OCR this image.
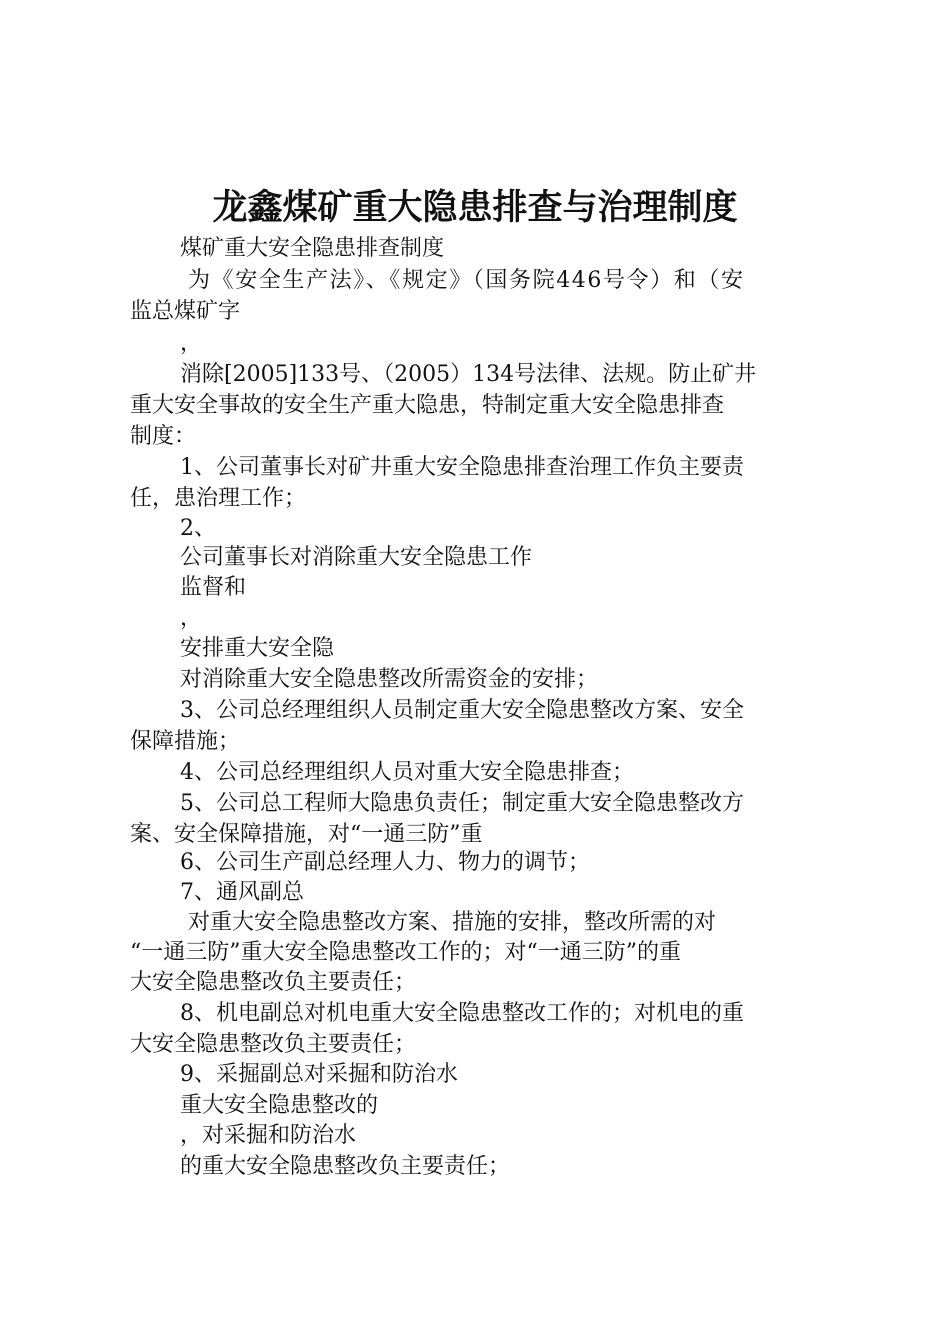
龙鑫煤矿重大隐患排查与治理制度
煤矿重大安全隐患排查制度
为《安全生产法》、《规定》（国务院446号令）和（安
监总煤矿字
，
消除[2005]133号、（2005）134号法律、法规。防止矿井
重大安全事故的安全生产重大隐患，特制定重大安全隐患排查
制度：
1、公司董事长对矿井重大安全隐患排查治理工作负主要责
任，患治理工作；
2、
公司董事长对消除重大安全隐患工作
监督和
，
安排重大安全隐
对消除重大安全隐患整改所需资金的安排；
3、公司总经理组织人员制定重大安全隐患整改方案、安全
保障措施；
4、公司总经理组织人员对重大安全隐患排查；
5、公司总工程师大隐患负责任；制定重大安全隐患整改方
案、安全保障措施，对“一通三防”重
6、公司生产副总经理人力、物力的调节；
7、通风副总
对重大安全隐患整改方案、措施的安排，整改所需的对
“一通三防”重大安全隐患整改工作的；对“一通三防”的重
大安全隐患整改负主要责任；
8、机电副总对机电重大安全隐患整改工作的；对机电的重
大安全隐患整改负主要责任；
9、采掘副总对采掘和防治水
重大安全隐患整改的
，对采掘和防治水
的重大安全隐患整改负主要责任；
